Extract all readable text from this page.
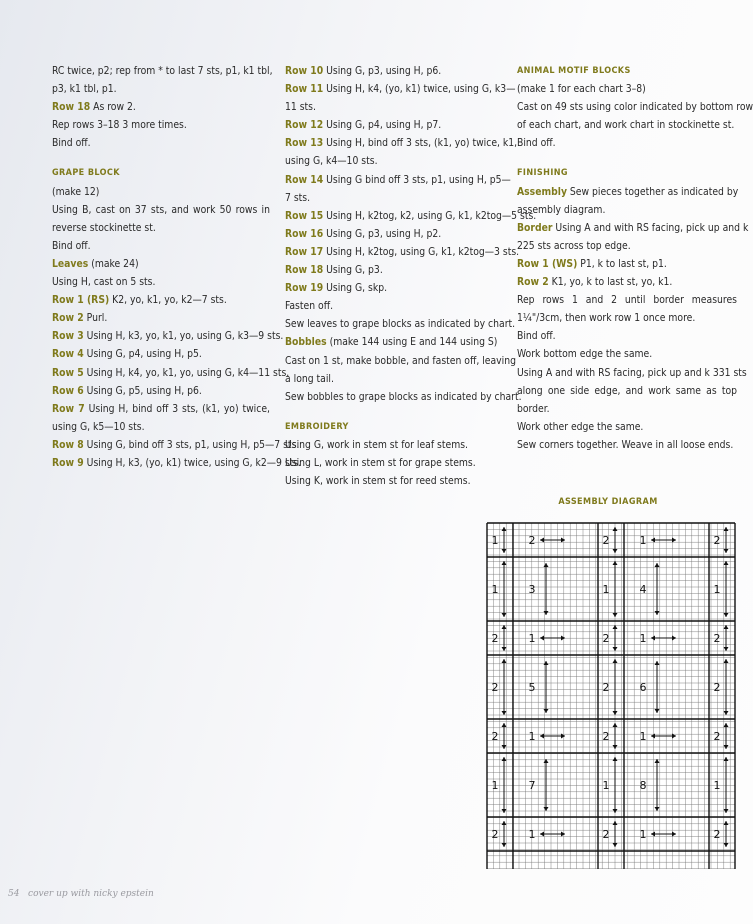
RC twice, p2; rep from * to last 7 sts, p1, k1 tbl,
p3, k1 tbl, p1.
Row 18 As row 2.
Rep rows 3–18 3 more times.
Bind off.
GRAPE BLOCK
(make 12)
Using B, cast on 37 sts, and work 50 rows in
reverse stockinette st.
Bind off.
Leaves (make 24)
Using H, cast on 5 sts.
Row 1 (RS) K2, yo, k1, yo, k2—7 sts.
Row 2 Purl.
Row 3 Using H, k3, yo, k1, yo, using G, k3—9 sts.
Row 4 Using G, p4, using H, p5.
Row 5 Using H, k4, yo, k1, yo, using G, k4—11 sts.
Row 6 Using G, p5, using H, p6.
Row 7 Using H, bind off 3 sts, (k1, yo) twice,
using G, k5—10 sts.
Row 8 Using G, bind off 3 sts, p1, using H, p5—7 sts.
Row 9 Using H, k3, (yo, k1) twice, using G, k2—9 sts.
Row 10 Using G, p3, using H, p6.
Row 11 Using H, k4, (yo, k1) twice, using G, k3—
11 sts.
Row 12 Using G, p4, using H, p7.
Row 13 Using H, bind off 3 sts, (k1, yo) twice, k1,
using G, k4—10 sts.
Row 14 Using G bind off 3 sts, p1, using H, p5—
7 sts.
Row 15 Using H, k2tog, k2, using G, k1, k2tog—5 sts.
Row 16 Using G, p3, using H, p2.
Row 17 Using H, k2tog, using G, k1, k2tog—3 sts.
Row 18 Using G, p3.
Row 19 Using G, skp.
Fasten off.
Sew leaves to grape blocks as indicated by chart.
Bobbles (make 144 using E and 144 using S)
Cast on 1 st, make bobble, and fasten off, leaving
a long tail.
Sew bobbles to grape blocks as indicated by chart.
EMBROIDERY
Using G, work in stem st for leaf stems.
Using L, work in stem st for grape stems.
Using K, work in stem st for reed stems.
ANIMAL MOTIF BLOCKS
(make 1 for each chart 3–8)
Cast on 49 sts using color indicated by bottom row
of each chart, and work chart in stockinette st.
Bind off.
FINISHING
Assembly Sew pieces together as indicated by
assembly diagram.
Border Using A and with RS facing, pick up and k
225 sts across top edge.
Row 1 (WS) P1, k to last st, p1.
Row 2 K1, yo, k to last st, yo, k1.
Rep rows 1 and 2 until border measures
1¼"/3cm, then work row 1 once more.
Bind off.
Work bottom edge the same.
Using A and with RS facing, pick up and k 331 sts
along one side edge, and work same as top
border.
Work other edge the same.
Sew corners together. Weave in all loose ends.
ASSEMBLY DIAGRAM
1	2	2	1	2
1	3	1	4	1
2	1	2	1	2
2	5	2	6	2
2	1	2	1	2
1	7	1	8	1
2	1	2	1	2
54 cover up with nicky epstein
